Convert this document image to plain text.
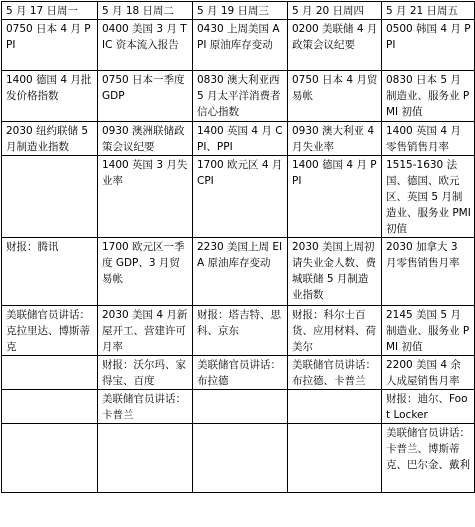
5 月 17 日周一	5 月 18 日周二	5 月 19 日周三	5 月 20 日周四	5 月 21 日周五
0750 日本 4 月 PPI	0400 美国 3 月 TIC 资本流入报告	0430 上周美国 API 原油库存变动	0200 美联储 4 月政策会议纪要	0500 韩国 4 月 PPI
1400 德国 4 月批发价格指数	0750 日本一季度 GDP	0830 澳大利亚西 5 月太平洋消费者信心指数	0750 日本 4 月贸易帐	0830 日本 5 月制造业、服务业 PMI 初值
2030 纽约联储 5 月制造业指数	0930 澳洲联储政策会议纪要	1400 英国 4 月 CPI、PPI	0930 澳大利亚 4 月失业率	1400 英国 4 月零售销售月率
	1400 英国 3 月失业率	1700 欧元区 4 月 CPI	1400 德国 4 月 PPI	1515-1630 法国、德国、欧元区、英国 5 月制造业、服务业 PMI 初值
财报：腾讯	1700 欧元区一季度 GDP、3 月贸易帐	2230 美国上周 EIA 原油库存变动	2030 美国上周初请失业金人数、费城联储 5 月制造业指数	2030 加拿大 3 月零售销售月率
美联储官员讲话：克拉里达、博斯蒂克	2030 美国 4 月新屋开工、营建许可月率	财报：塔吉特、思科、京东	财报：科尔士百货、应用材料、荷美尔	2145 美国 5 月制造业、服务业 PMI 初值
	财报：沃尔玛、家得宝、百度	美联储官员讲话：布拉德	美联储官员讲话：布拉德、卡普兰	2200 美国 4 余人成屋销售月率
	美联储官员讲话：卡普兰			财报：迪尔、Foot Locker
				美联储官员讲话：卡普兰、博斯蒂克、巴尔金、戴利
